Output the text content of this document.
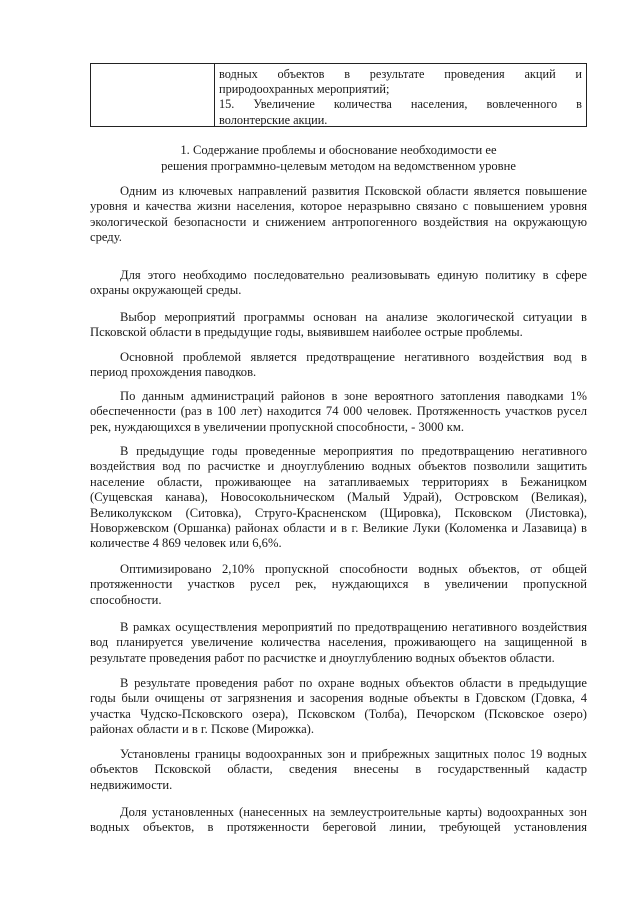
водных объектов в результате проведения акций и

природоохранных мероприятий;

15. Увеличение количества населения, вовлеченного в

волонтерские акции.

1. Содержание проблемы и обоснование необходимости ее
решения программно-целевым методом на ведомственном уровне
Одним из ключевых направлений развития Псковской области является повышение
уровня и качества жизни населения, которое неразрывно связано с повышением уровня
экологической безопасности и снижением антропогенного воздействия на окружающую
среду.
Для этого необходимо последовательно реализовывать единую политику в сфере
охраны окружающей среды.
Выбор мероприятий программы основан на анализе экологической ситуации в
Псковской области в предыдущие годы, выявившем наиболее острые проблемы.
Основной проблемой является предотвращение негативного воздействия вод в
период прохождения паводков.
По данным администраций районов в зоне вероятного затопления паводками 1%
обеспеченности (раз в 100 лет) находится 74 000 человек. Протяженность участков русел
рек, нуждающихся в увеличении пропускной способности, - 3000 км.
В предыдущие годы проведенные мероприятия по предотвращению негативного
воздействия вод по расчистке и дноуглублению водных объектов позволили защитить
население области, проживающее на затапливаемых территориях в Бежаницком
(Сущевская канава), Новосокольническом (Малый Удрай), Островском (Великая),
Великолукском (Ситовка), Струго-Красненском (Щировка), Псковском (Листовка),
Новоржевском (Оршанка) районах области и в г. Великие Луки (Коломенка и Лазавица) в
количестве 4 869 человек или 6,6%.
Оптимизировано 2,10% пропускной способности водных объектов, от общей
протяженности участков русел рек, нуждающихся в увеличении пропускной
способности.
В рамках осуществления мероприятий по предотвращению негативного воздействия
вод планируется увеличение количества населения, проживающего на защищенной в
результате проведения работ по расчистке и дноуглублению водных объектов области.
В результате проведения работ по охране водных объектов области в предыдущие
годы были очищены от загрязнения и засорения водные объекты в Гдовском (Гдовка, 4
участка Чудско-Псковского озера), Псковском (Толба), Печорском (Псковское озеро)
районах области и в г. Пскове (Мирожка).
Установлены границы водоохранных зон и прибрежных защитных полос 19 водных
объектов Псковской области, сведения внесены в государственный кадастр
недвижимости.
Доля установленных (нанесенных на землеустроительные карты) водоохранных зон
водных объектов, в протяженности береговой линии, требующей установления
